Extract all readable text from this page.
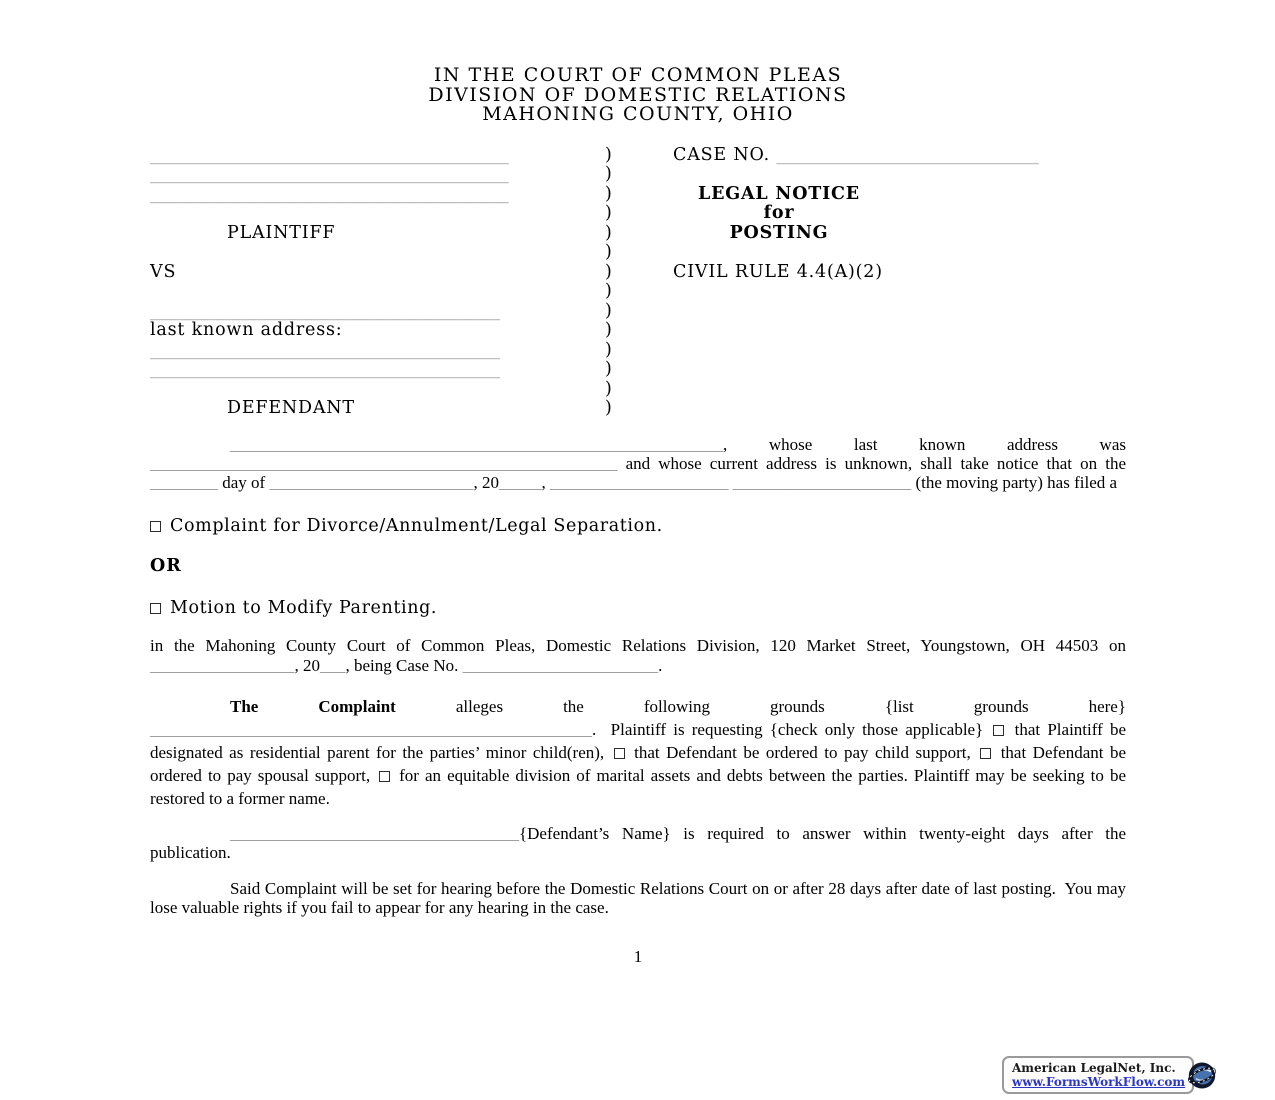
IN THE COURT OF COMMON PLEAS
DIVISION OF DOMESTIC RELATIONS
MAHONING COUNTY, OHIO
_________________________________________
_________________________________________
_________________________________________
PLAINTIFF
VS
________________________________________
last known address:
________________________________________
________________________________________
DEFENDANT
)
)
)
)
)
)
)
)
)
)
)
)
)
)
CASE NO. ______________________________
LEGAL NOTICE
for
POSTING
CIVIL RULE 4.4(A)(2)
__________________________________________________________, whose last known address was _______________________________________________________ and whose current address is unknown, shall take notice that on the ________ day of ________________________, 20_____, _____________________ _____________________ (the moving party) has filed a
Complaint for Divorce/Annulment/Legal Separation.
OR
Motion to Modify Parenting.
in the Mahoning County Court of Common Pleas, Domestic Relations Division, 120 Market Street, Youngstown, OH 44503 on _________________, 20___, being Case No. _______________________.
The Complaint alleges the following grounds {list grounds here} ____________________________________________________.  Plaintiff is requesting {check only those applicable}  that Plaintiff be designated as residential parent for the parties’ minor child(ren),  that Defendant be ordered to pay child support,  that Defendant be ordered to pay spousal support,  for an equitable division of marital assets and debts between the parties. Plaintiff may be seeking to be restored to a former name.
__________________________________{Defendant’s Name} is required to answer within twenty-eight days after the publication.
Said Complaint will be set for hearing before the Domestic Relations Court on or after 28 days after date of last posting.  You may lose valuable rights if you fail to appear for any hearing in the case.
1
American LegalNet, Inc.
www.FormsWorkFlow.com
